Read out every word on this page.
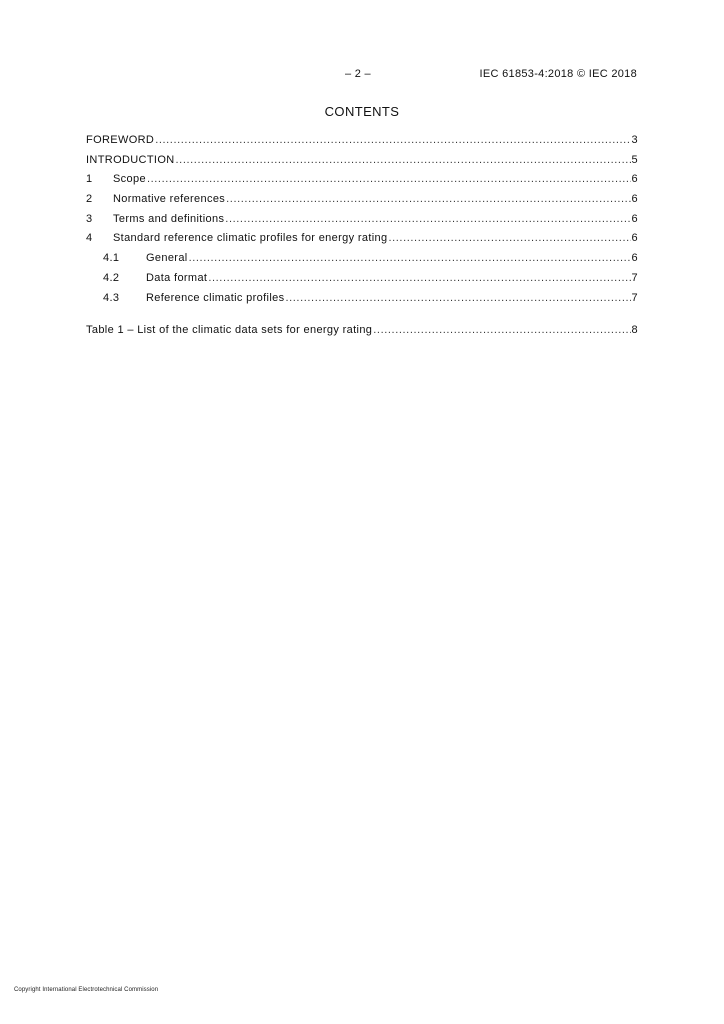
– 2 –	IEC 61853-4:2018 © IEC 2018
CONTENTS
FOREWORD .....	3
INTRODUCTION .....	5
1	Scope .....	6
2	Normative references .....	6
3	Terms and definitions .....	6
4	Standard reference climatic profiles for energy rating .....	6
4.1	General .....	6
4.2	Data format .....	7
4.3	Reference climatic profiles .....	7
Table 1 – List of the climatic data sets for energy rating .....	8
Copyright International Electrotechnical Commission
